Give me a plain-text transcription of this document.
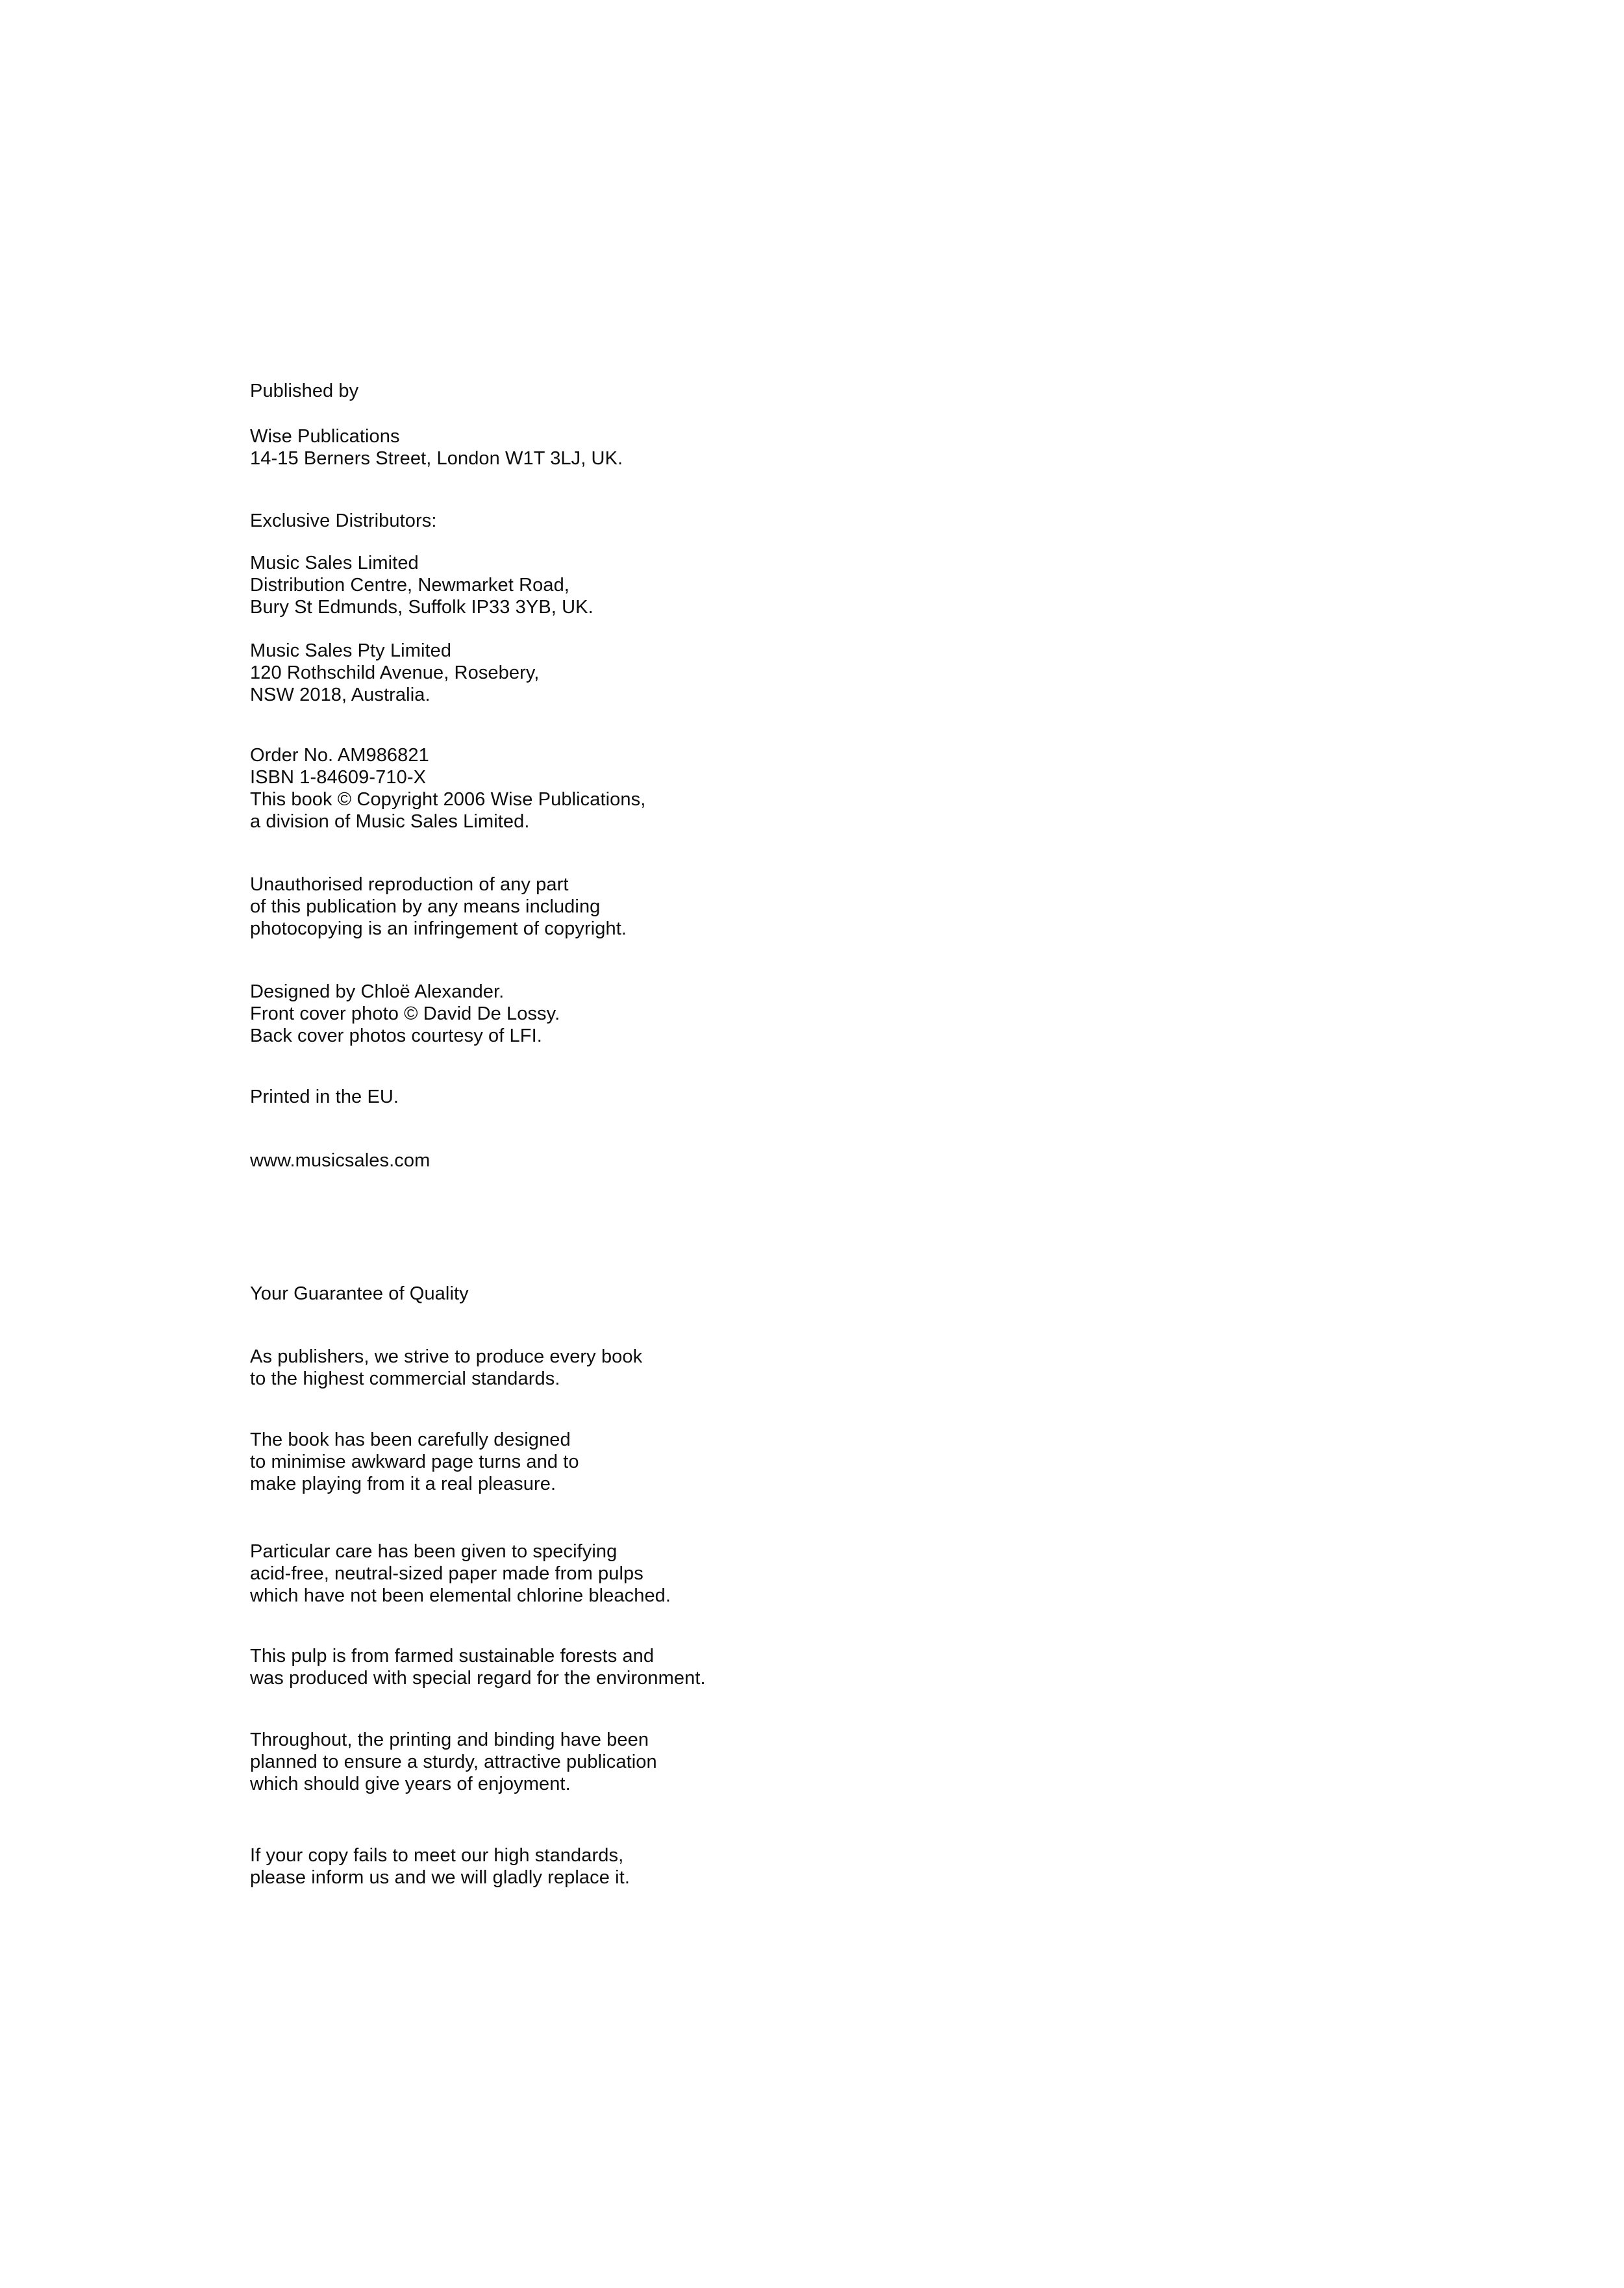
Published by
Wise Publications
14-15 Berners Street, London W1T 3LJ, UK.
Exclusive Distributors:
Music Sales Limited
Distribution Centre, Newmarket Road,
Bury St Edmunds, Suffolk IP33 3YB, UK.
Music Sales Pty Limited
120 Rothschild Avenue, Rosebery,
NSW 2018, Australia.
Order No. AM986821
ISBN 1-84609-710-X
This book © Copyright 2006 Wise Publications,
a division of Music Sales Limited.
Unauthorised reproduction of any part
of this publication by any means including
photocopying is an infringement of copyright.
Designed by Chloë Alexander.
Front cover photo © David De Lossy.
Back cover photos courtesy of LFI.
Printed in the EU.
www.musicsales.com
Your Guarantee of Quality
As publishers, we strive to produce every book
to the highest commercial standards.
The book has been carefully designed
to minimise awkward page turns and to
make playing from it a real pleasure.
Particular care has been given to specifying
acid-free, neutral-sized paper made from pulps
which have not been elemental chlorine bleached.
This pulp is from farmed sustainable forests and
was produced with special regard for the environment.
Throughout, the printing and binding have been
planned to ensure a sturdy, attractive publication
which should give years of enjoyment.
If your copy fails to meet our high standards,
please inform us and we will gladly replace it.
